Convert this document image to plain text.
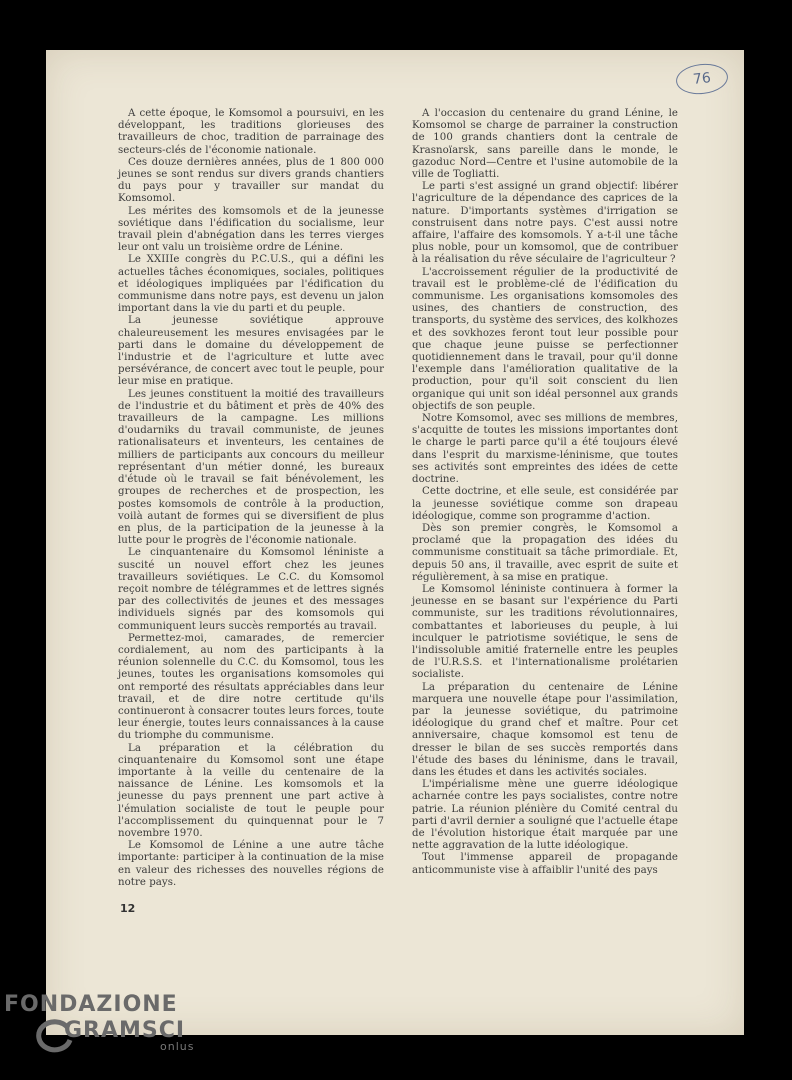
76

A cette époque, le Komsomol a poursuivi, en les développant, les traditions glorieuses des travailleurs de choc, tradition de parrainage des secteurs-clés de l'économie nationale.

Ces douze dernières années, plus de 1 800 000 jeunes se sont rendus sur divers grands chantiers du pays pour y travailler sur mandat du Komsomol.

Les mérites des komsomols et de la jeunesse soviétique dans l'édification du socialisme, leur travail plein d'abnégation dans les terres vierges leur ont valu un troisième ordre de Lénine.

Le XXIIIe congrès du P.C.U.S., qui a défini les actuelles tâches économiques, sociales, politiques et idéologiques impliquées par l'édification du communisme dans notre pays, est devenu un jalon important dans la vie du parti et du peuple.

La jeunesse soviétique approuve chaleureusement les mesures envisagées par le parti dans le domaine du développement de l'industrie et de l'agriculture et lutte avec persévérance, de concert avec tout le peuple, pour leur mise en pratique.

Les jeunes constituent la moitié des travailleurs de l'industrie et du bâtiment et près de 40% des travailleurs de la campagne. Les millions d'oudarniks du travail communiste, de jeunes rationalisateurs et inventeurs, les centaines de milliers de participants aux concours du meilleur représentant d'un métier donné, les bureaux d'étude où le travail se fait bénévolement, les groupes de recherches et de prospection, les postes komsomols de contrôle à la production, voilà autant de formes qui se diversifient de plus en plus, de la participation de la jeunesse à la lutte pour le progrès de l'économie nationale.

Le cinquantenaire du Komsomol léniniste a suscité un nouvel effort chez les jeunes travailleurs soviétiques. Le C.C. du Komsomol reçoit nombre de télégrammes et de lettres signés par des collectivités de jeunes et des messages individuels signés par des komsomols qui communiquent leurs succès remportés au travail.

Permettez-moi, camarades, de remercier cordialement, au nom des participants à la réunion solennelle du C.C. du Komsomol, tous les jeunes, toutes les organisations komsomoles qui ont remporté des résultats appréciables dans leur travail, et de dire notre certitude qu'ils continueront à consacrer toutes leurs forces, toute leur énergie, toutes leurs connaissances à la cause du triomphe du communisme.

La préparation et la célébration du cinquantenaire du Komsomol sont une étape importante à la veille du centenaire de la naissance de Lénine. Les komsomols et la jeunesse du pays prennent une part active à l'émulation socialiste de tout le peuple pour l'accomplissement du quinquennat pour le 7 novembre 1970.

Le Komsomol de Lénine a une autre tâche importante: participer à la continuation de la mise en valeur des richesses des nouvelles régions de notre pays.

A l'occasion du centenaire du grand Lénine, le Komsomol se charge de parrainer la construction de 100 grands chantiers dont la centrale de Krasnoïarsk, sans pareille dans le monde, le gazoduc Nord—Centre et l'usine automobile de la ville de Togliatti.

Le parti s'est assigné un grand objectif: libérer l'agriculture de la dépendance des caprices de la nature. D'importants systèmes d'irrigation se construisent dans notre pays. C'est aussi notre affaire, l'affaire des komsomols. Y a-t-il une tâche plus noble, pour un komsomol, que de contribuer à la réalisation du rêve séculaire de l'agriculteur ?

L'accroissement régulier de la productivité de travail est le problème-clé de l'édification du communisme. Les organisations komsomoles des usines, des chantiers de construction, des transports, du système des services, des kolkhozes et des sovkhozes feront tout leur possible pour que chaque jeune puisse se perfectionner quotidiennement dans le travail, pour qu'il donne l'exemple dans l'amélioration qualitative de la production, pour qu'il soit conscient du lien organique qui unit son idéal personnel aux grands objectifs de son peuple.

Notre Komsomol, avec ses millions de membres, s'acquitte de toutes les missions importantes dont le charge le parti parce qu'il a été toujours élevé dans l'esprit du marxisme-léninisme, que toutes ses activités sont empreintes des idées de cette doctrine.

Cette doctrine, et elle seule, est considérée par la jeunesse soviétique comme son drapeau idéologique, comme son programme d'action.

Dès son premier congrès, le Komsomol a proclamé que la propagation des idées du communisme constituait sa tâche primordiale. Et, depuis 50 ans, il travaille, avec esprit de suite et régulièrement, à sa mise en pratique.

Le Komsomol léniniste continuera à former la jeunesse en se basant sur l'expérience du Parti communiste, sur les traditions révolutionnaires, combattantes et laborieuses du peuple, à lui inculquer le patriotisme soviétique, le sens de l'indissoluble amitié fraternelle entre les peuples de l'U.R.S.S. et l'internationalisme prolétarien socialiste.

La préparation du centenaire de Lénine marquera une nouvelle étape pour l'assimilation, par la jeunesse soviétique, du patrimoine idéologique du grand chef et maître. Pour cet anniversaire, chaque komsomol est tenu de dresser le bilan de ses succès remportés dans l'étude des bases du léninisme, dans le travail, dans les études et dans les activités sociales.

L'impérialisme mène une guerre idéologique acharnée contre les pays socialistes, contre notre patrie. La réunion plénière du Comité central du parti d'avril dernier a souligné que l'actuelle étape de l'évolution historique était marquée par une nette aggravation de la lutte idéologique.

Tout l'immense appareil de propagande anticommuniste vise à affaiblir l'unité des pays

12
FONDAZIONE
GRAMSCI
onlus
